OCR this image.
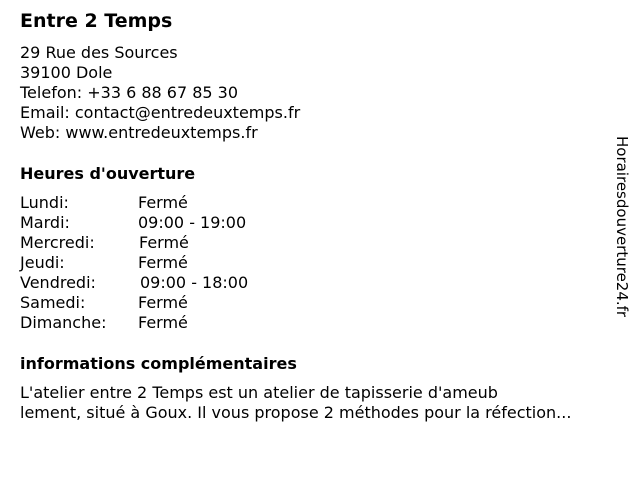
Entre 2 Temps
29 Rue des Sources
39100 Dole
Telefon: +33 6 88 67 85 30
Email: contact@entredeuxtemps.fr
Web: www.entredeuxtemps.fr
Heures d'ouverture
Lundi:	Fermé
Mardi:	09:00 - 19:00
Mercredi:	Fermé
Jeudi:	Fermé
Vendredi:	09:00 - 18:00
Samedi:	Fermé
Dimanche: Fermé
informations complémentaires
L'atelier entre 2 Temps est un atelier de tapisserie d'ameub
lement, situé à Goux. Il vous propose 2 méthodes pour la réfection...
Horairesdouverture24.fr
